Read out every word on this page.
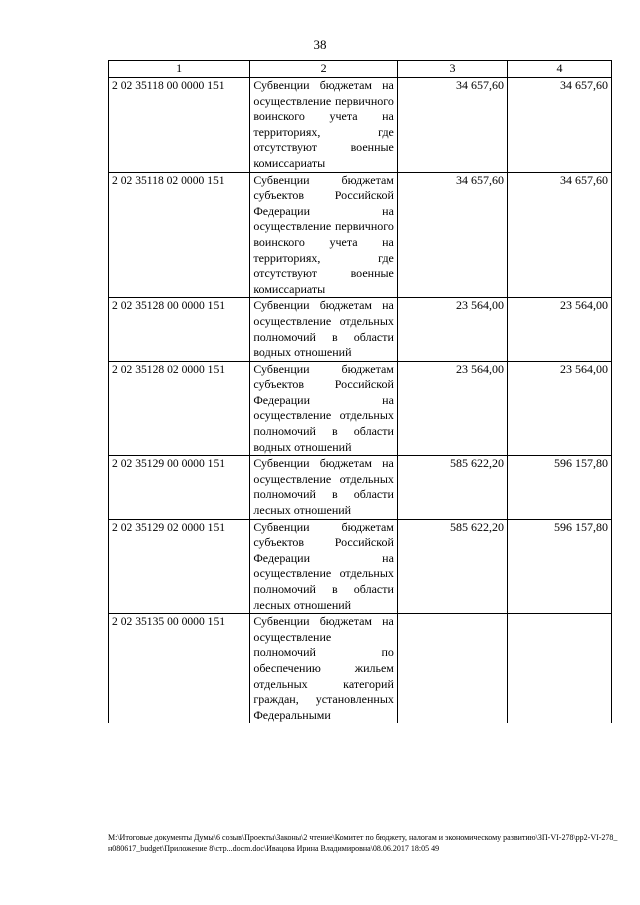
38
1	2	3	4
2 02 35118 00 0000 151	Субвенции бюджетам на осуществление первичного воинского учета на территориях, где отсутствуют военные комиссариаты	34 657,60	34 657,60
2 02 35118 02 0000 151	Субвенции бюджетам субъектов Российской Федерации на осуществление первичного воинского учета на территориях, где отсутствуют военные комиссариаты	34 657,60	34 657,60
2 02 35128 00 0000 151	Субвенции бюджетам на осуществление отдельных полномочий в области водных отношений	23 564,00	23 564,00
2 02 35128 02 0000 151	Субвенции бюджетам субъектов Российской Федерации на осуществление отдельных полномочий в области водных отношений	23 564,00	23 564,00
2 02 35129 00 0000 151	Субвенции бюджетам на осуществление отдельных полномочий в области лесных отношений	585 622,20	596 157,80
2 02 35129 02 0000 151	Субвенции бюджетам субъектов Российской Федерации на осуществление отдельных полномочий в области лесных отношений	585 622,20	596 157,80
2 02 35135 00 0000 151	Субвенции бюджетам на осуществление полномочий по обеспечению жильем отдельных категорий граждан, установленных Федеральными		
M:\Итоговые документы Думы\6 созыв\Проекты\Законы\2 чтение\Комитет по бюджету, налогам и экономическому развитию\ЗП-VI-278\рр2-VI-278_н080617_budget\Приложение 8\стр...docm.doc\Ивацова Ирина Владимировна\08.06.2017 18:05 49
